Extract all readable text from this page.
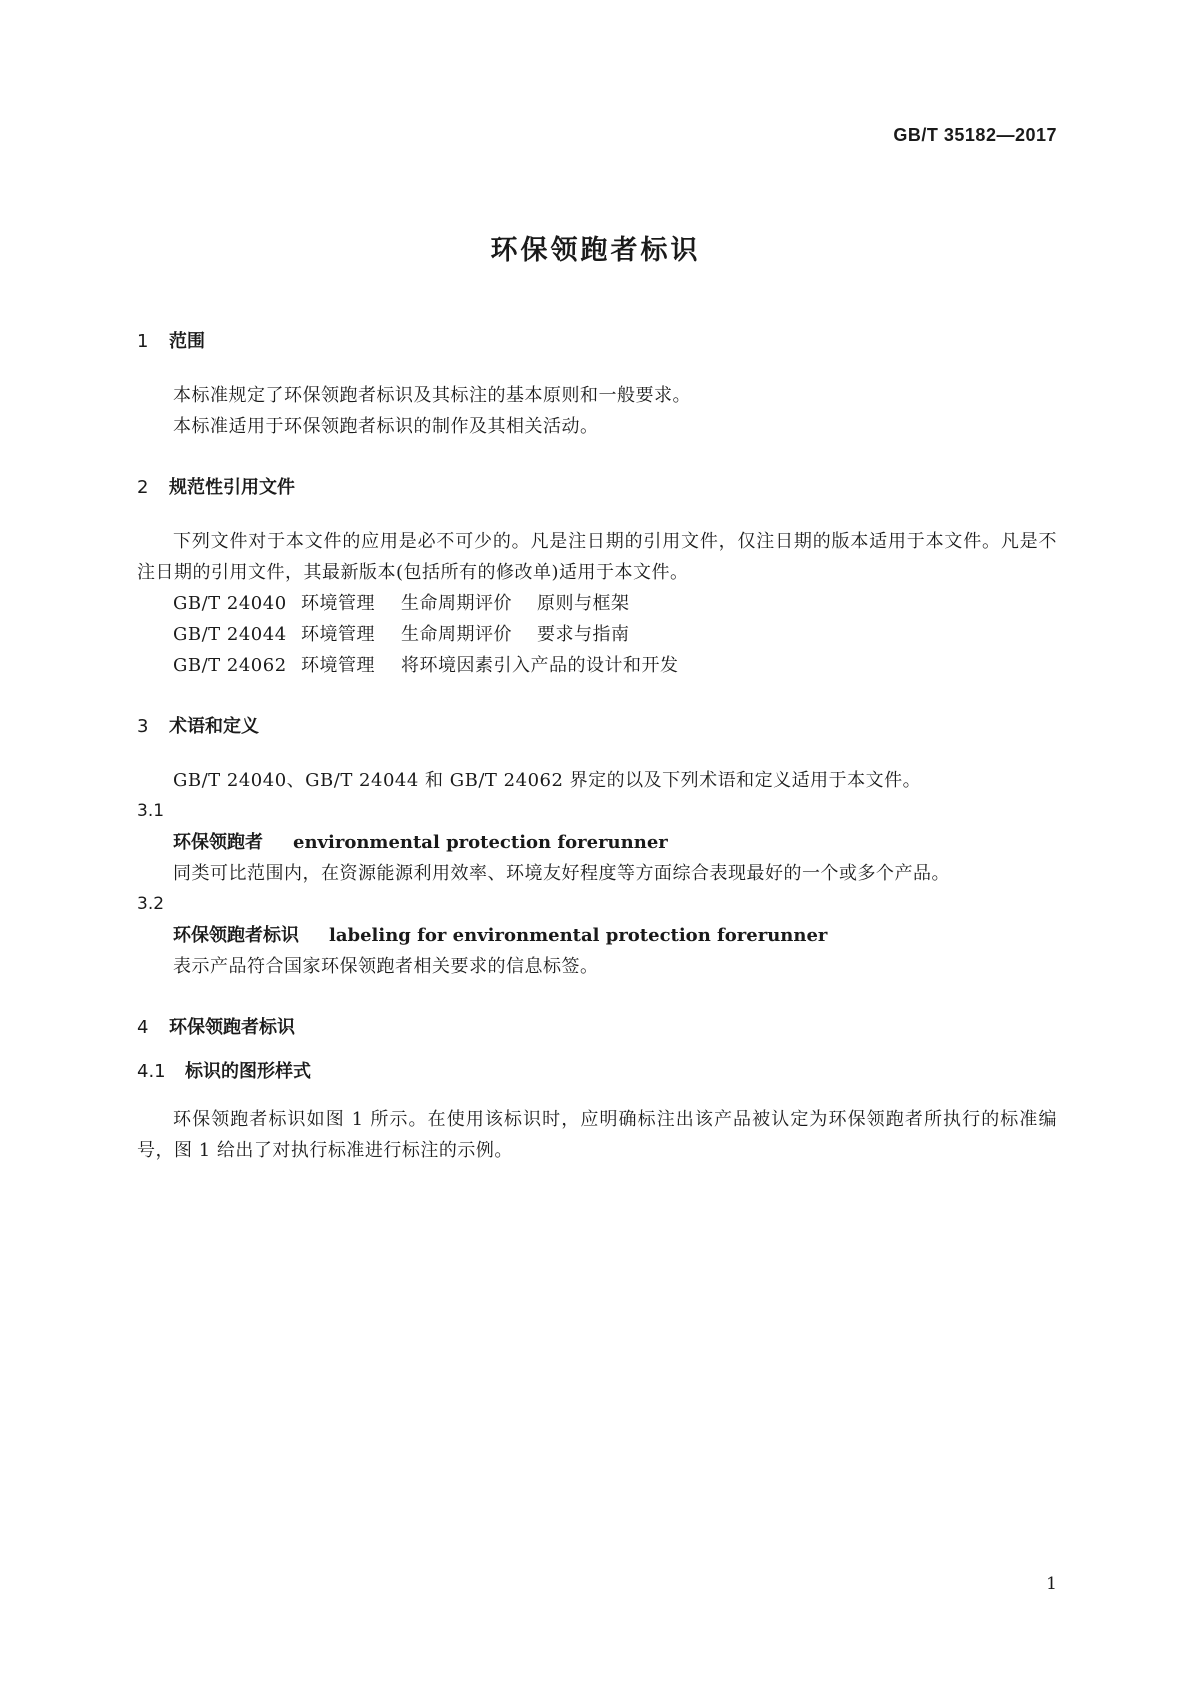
GB/T 35182—2017
环保领跑者标识
1	范围

本标准规定了环保领跑者标识及其标注的基本原则和一般要求。

本标准适用于环保领跑者标识的制作及其相关活动。

2	规范性引用文件

下列文件对于本文件的应用是必不可少的。凡是注日期的引用文件，仅注日期的版本适用于本文件。凡是不注日期的引用文件，其最新版本(包括所有的修改单)适用于本文件。

GB/T 24040 环境管理 生命周期评价 原则与框架

GB/T 24044 环境管理 生命周期评价 要求与指南

GB/T 24062 环境管理 将环境因素引入产品的设计和开发

3	术语和定义

GB/T 24040、GB/T 24044 和 GB/T 24062 界定的以及下列术语和定义适用于本文件。

3.1
环保领跑者 environmental protection forerunner

同类可比范围内，在资源能源利用效率、环境友好程度等方面综合表现最好的一个或多个产品。

3.2
环保领跑者标识 labeling for environmental protection forerunner

表示产品符合国家环保领跑者相关要求的信息标签。

4	环保领跑者标识
4.1	标识的图形样式

环保领跑者标识如图 1 所示。在使用该标识时，应明确标注出该产品被认定为环保领跑者所执行的标准编号，图 1 给出了对执行标准进行标注的示例。

1
